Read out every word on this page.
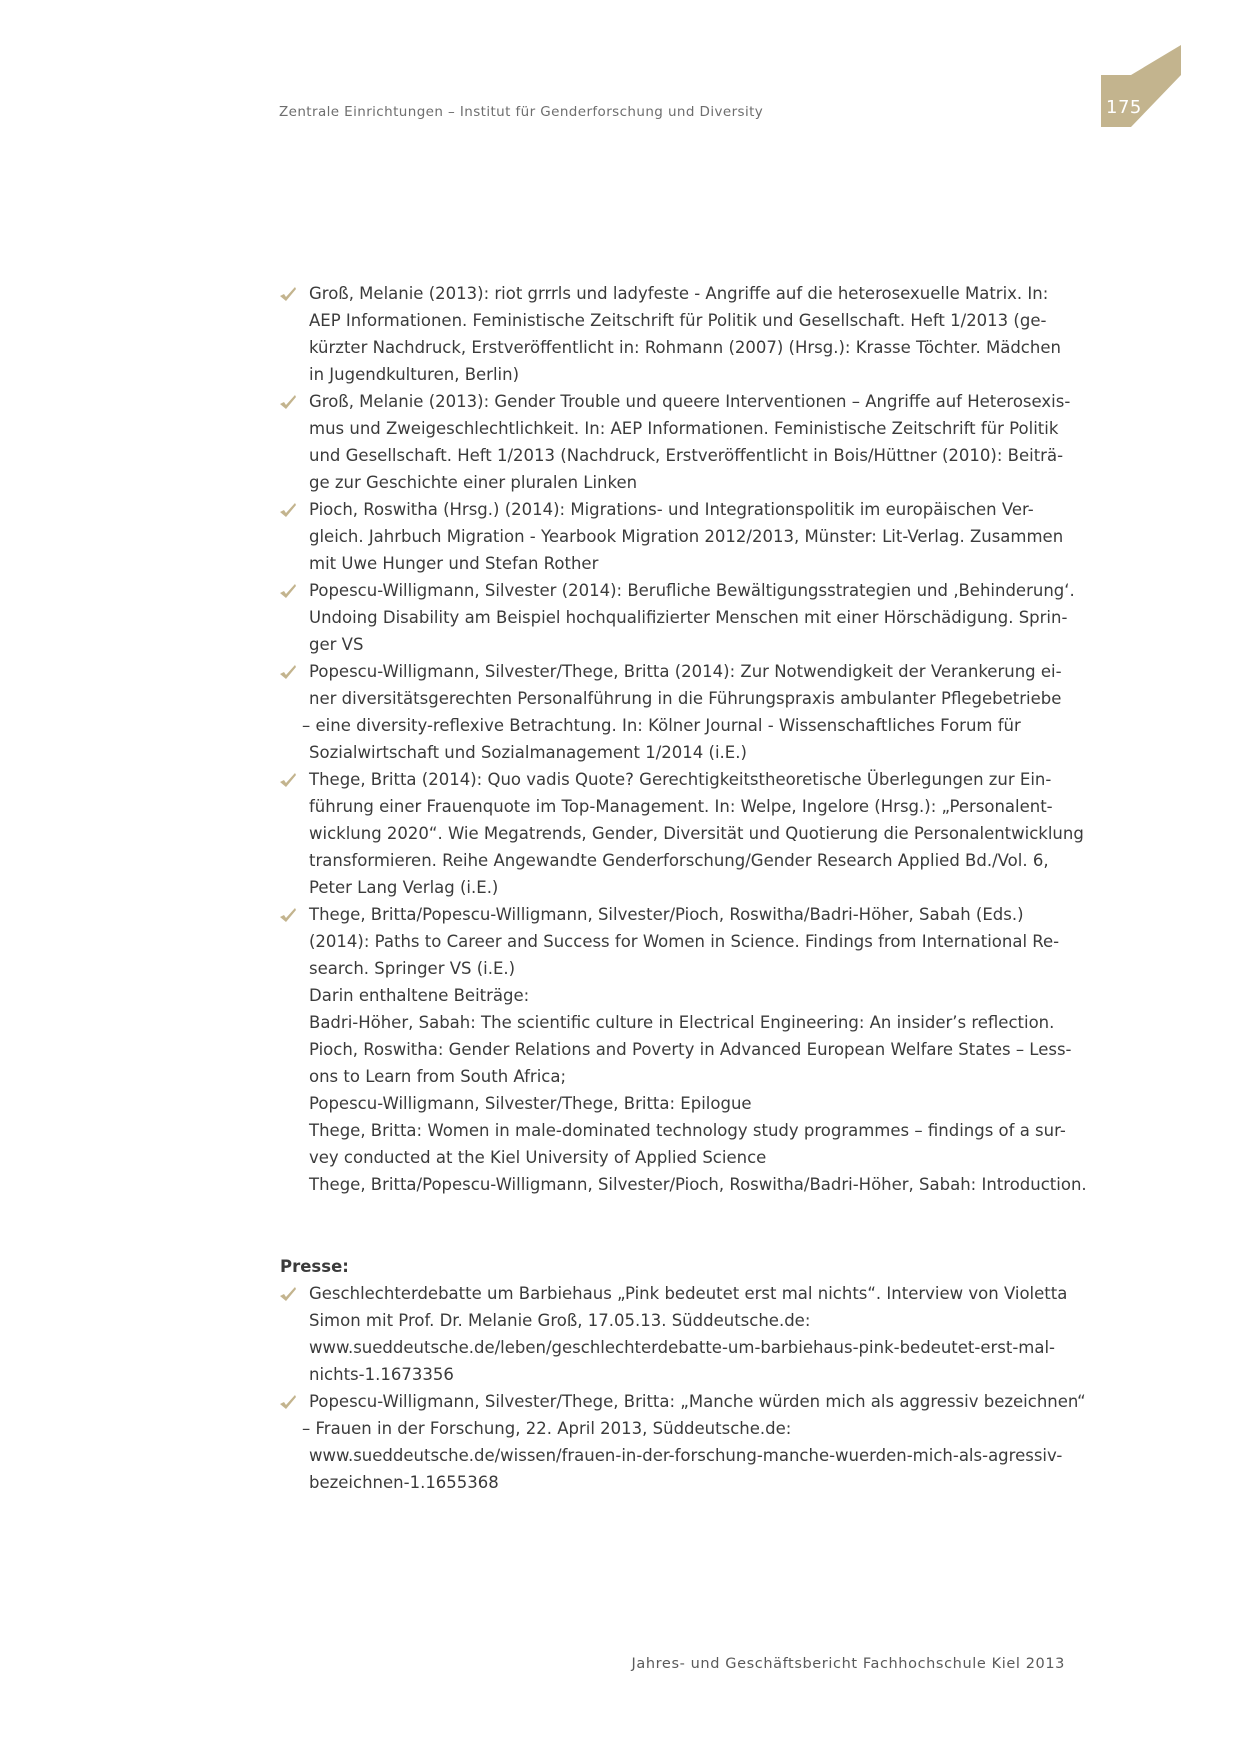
Zentrale Einrichtungen – Institut für Genderforschung und Diversity	175
Groß, Melanie (2013): riot grrrls und ladyfeste - Angriffe auf die heterosexuelle Matrix. In:
AEP Informationen. Feministische Zeitschrift für Politik und Gesellschaft. Heft 1/2013 (ge-
kürzter Nachdruck, Erstveröffentlicht in: Rohmann (2007) (Hrsg.): Krasse Töchter. Mädchen
in Jugendkulturen, Berlin)
Groß, Melanie (2013): Gender Trouble und queere Interventionen – Angriffe auf Heterosexis-
mus und Zweigeschlechtlichkeit. In: AEP Informationen. Feministische Zeitschrift für Politik
und Gesellschaft. Heft 1/2013 (Nachdruck, Erstveröffentlicht in Bois/Hüttner (2010): Beiträ-
ge zur Geschichte einer pluralen Linken
Pioch, Roswitha (Hrsg.) (2014): Migrations- und Integrationspolitik im europäischen Ver-
gleich. Jahrbuch Migration - Yearbook Migration 2012/2013, Münster: Lit-Verlag. Zusammen
mit Uwe Hunger und Stefan Rother
Popescu-Willigmann, Silvester (2014): Berufliche Bewältigungsstrategien und ‚Behinderung‘.
Undoing Disability am Beispiel hochqualifizierter Menschen mit einer Hörschädigung. Sprin-
ger VS
Popescu-Willigmann, Silvester/Thege, Britta (2014): Zur Notwendigkeit der Verankerung ei-
ner diversitätsgerechten Personalführung in die Führungspraxis ambulanter Pflegebetriebe
– eine diversity-reflexive Betrachtung. In: Kölner Journal - Wissenschaftliches Forum für
Sozialwirtschaft und Sozialmanagement 1/2014 (i.E.)
Thege, Britta (2014): Quo vadis Quote? Gerechtigkeitstheoretische Überlegungen zur Ein-
führung einer Frauenquote im Top-Management. In: Welpe, Ingelore (Hrsg.): „Personalent-
wicklung 2020“. Wie Megatrends, Gender, Diversität und Quotierung die Personalentwicklung
transformieren. Reihe Angewandte Genderforschung/Gender Research Applied Bd./Vol. 6,
Peter Lang Verlag (i.E.)
Thege, Britta/Popescu-Willigmann, Silvester/Pioch, Roswitha/Badri-Höher, Sabah (Eds.)
(2014): Paths to Career and Success for Women in Science. Findings from International Re-
search. Springer VS (i.E.)
Darin enthaltene Beiträge:
Badri-Höher, Sabah: The scientific culture in Electrical Engineering: An insider’s reflection.
Pioch, Roswitha: Gender Relations and Poverty in Advanced European Welfare States – Less-
ons to Learn from South Africa;
Popescu-Willigmann, Silvester/Thege, Britta: Epilogue
Thege, Britta: Women in male-dominated technology study programmes – findings of a sur-
vey conducted at the Kiel University of Applied Science
Thege, Britta/Popescu-Willigmann, Silvester/Pioch, Roswitha/Badri-Höher, Sabah: Introduction.
Presse:
Geschlechterdebatte um Barbiehaus „Pink bedeutet erst mal nichts“. Interview von Violetta
Simon mit Prof. Dr. Melanie Groß, 17.05.13. Süddeutsche.de:
www.sueddeutsche.de/leben/geschlechterdebatte-um-barbiehaus-pink-bedeutet-erst-mal-
nichts-1.1673356
Popescu-Willigmann, Silvester/Thege, Britta: „Manche würden mich als aggressiv bezeichnen“
– Frauen in der Forschung, 22. April 2013, Süddeutsche.de:
www.sueddeutsche.de/wissen/frauen-in-der-forschung-manche-wuerden-mich-als-agressiv-
bezeichnen-1.1655368
Jahres- und Geschäftsbericht Fachhochschule Kiel 2013
